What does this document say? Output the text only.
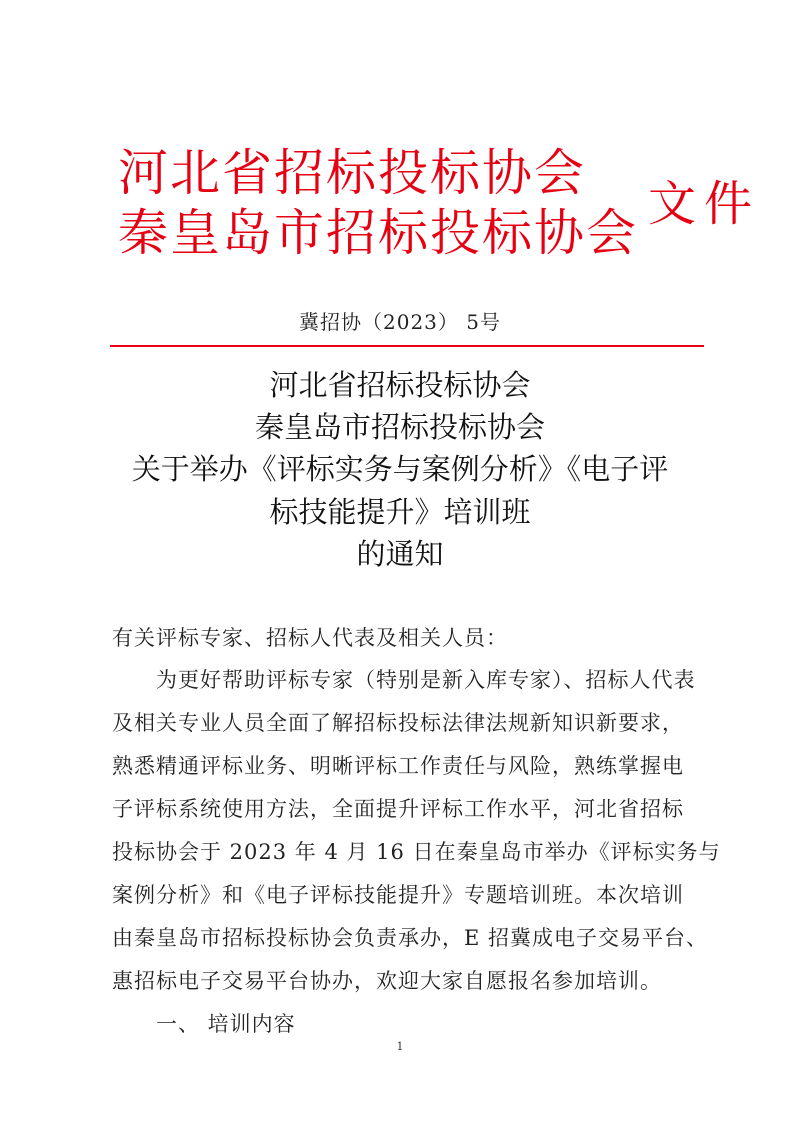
河北省招标投标协会
秦皇岛市招标投标协会 文件
冀招协（2023） 5号
河北省招标投标协会
秦皇岛市招标投标协会
关于举办《评标实务与案例分析》《电子评
标技能提升》培训班
的通知
有关评标专家、招标人代表及相关人员：
为更好帮助评标专家（特别是新入库专家）、招标人代表
及相关专业人员全面了解招标投标法律法规新知识新要求，
熟悉精通评标业务、明晰评标工作责任与风险，熟练掌握电
子评标系统使用方法，全面提升评标工作水平，河北省招标
投标协会于 2023 年 4 月 16 日在秦皇岛市举办《评标实务与
案例分析》和《电子评标技能提升》专题培训班。本次培训
由秦皇岛市招标投标协会负责承办，E 招冀成电子交易平台、
惠招标电子交易平台协办，欢迎大家自愿报名参加培训。
一、 培训内容
1
